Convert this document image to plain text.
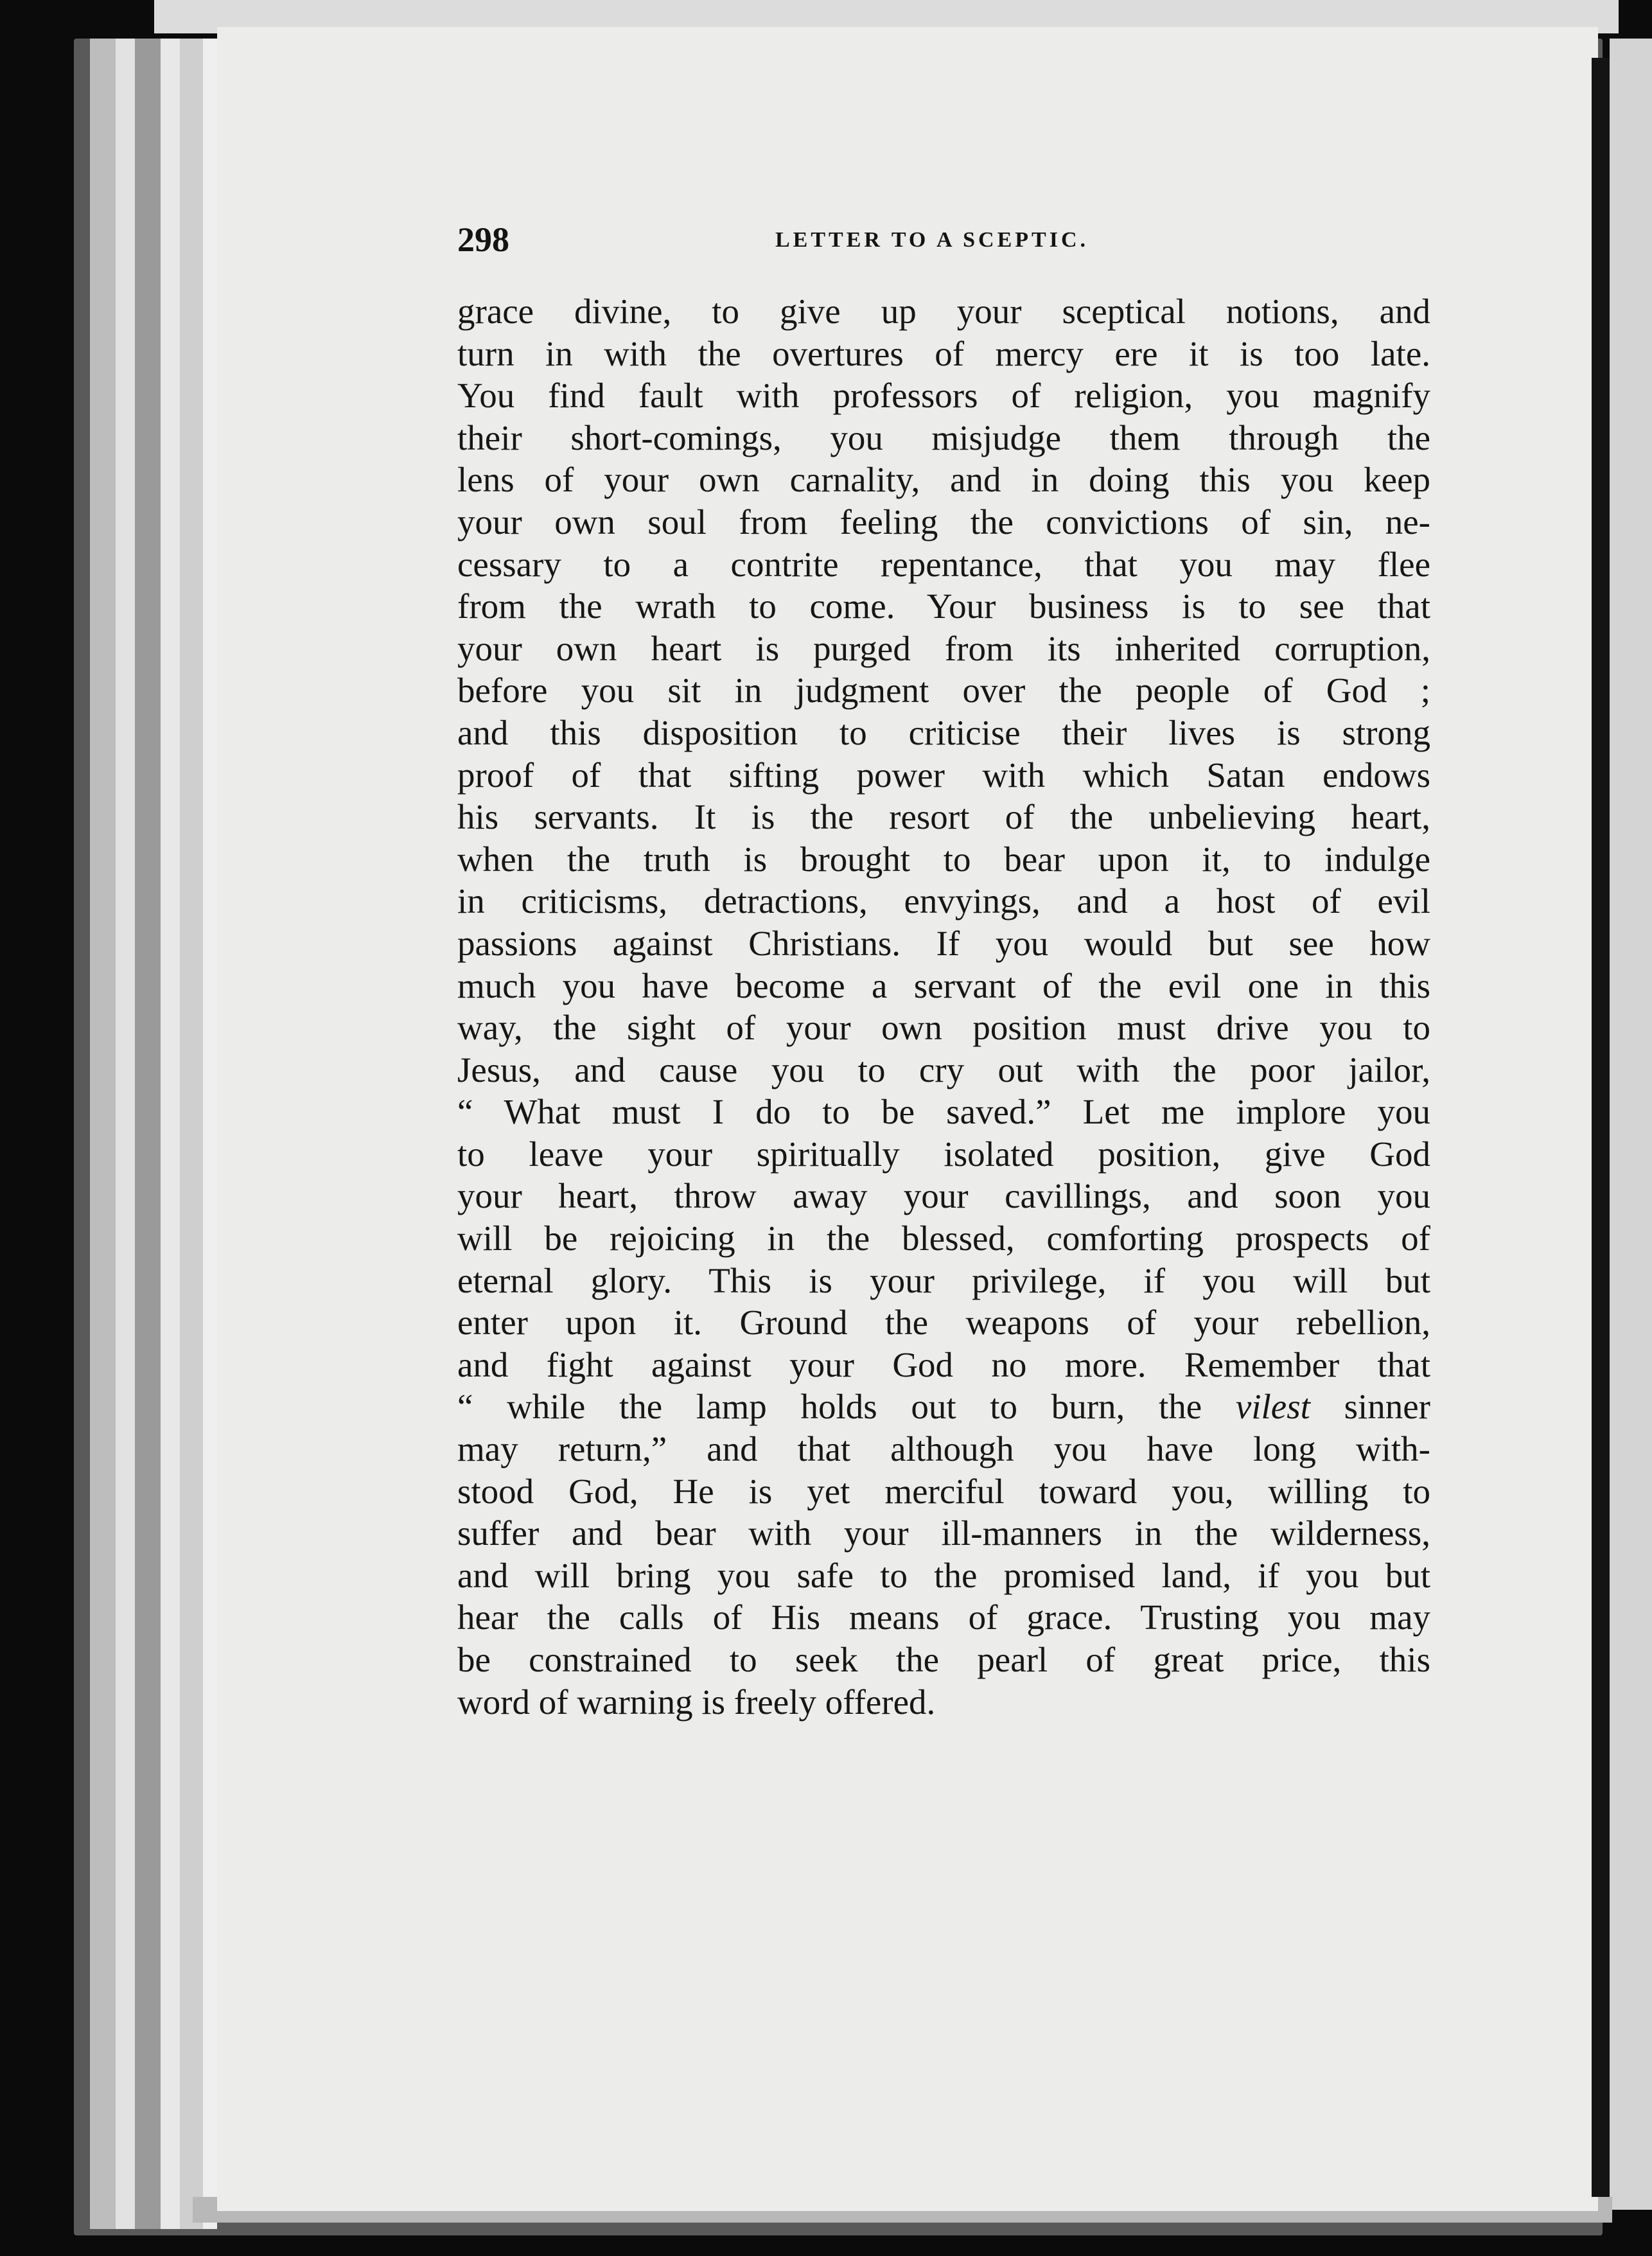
298	LETTER TO A SCEPTIC.
grace divine, to give up your sceptical notions, and
turn in with the overtures of mercy ere it is too late.
You find fault with professors of religion, you magnify
their short-comings, you misjudge them through the
lens of your own carnality, and in doing this you keep
your own soul from feeling the convictions of sin, ne-
cessary to a contrite repentance, that you may flee
from the wrath to come. Your business is to see that
your own heart is purged from its inherited corruption,
before you sit in judgment over the people of God ;
and this disposition to criticise their lives is strong
proof of that sifting power with which Satan endows
his servants. It is the resort of the unbelieving heart,
when the truth is brought to bear upon it, to indulge
in criticisms, detractions, envyings, and a host of evil
passions against Christians. If you would but see how
much you have become a servant of the evil one in this
way, the sight of your own position must drive you to
Jesus, and cause you to cry out with the poor jailor,
“ What must I do to be saved.” Let me implore you
to leave your spiritually isolated position, give God
your heart, throw away your cavillings, and soon you
will be rejoicing in the blessed, comforting prospects of
eternal glory. This is your privilege, if you will but
enter upon it. Ground the weapons of your rebellion,
and fight against your God no more. Remember that
“ while the lamp holds out to burn, the vilest sinner
may return,” and that although you have long with-
stood God, He is yet merciful toward you, willing to
suffer and bear with your ill-manners in the wilderness,
and will bring you safe to the promised land, if you but
hear the calls of His means of grace. Trusting you may
be constrained to seek the pearl of great price, this
word of warning is freely offered.
